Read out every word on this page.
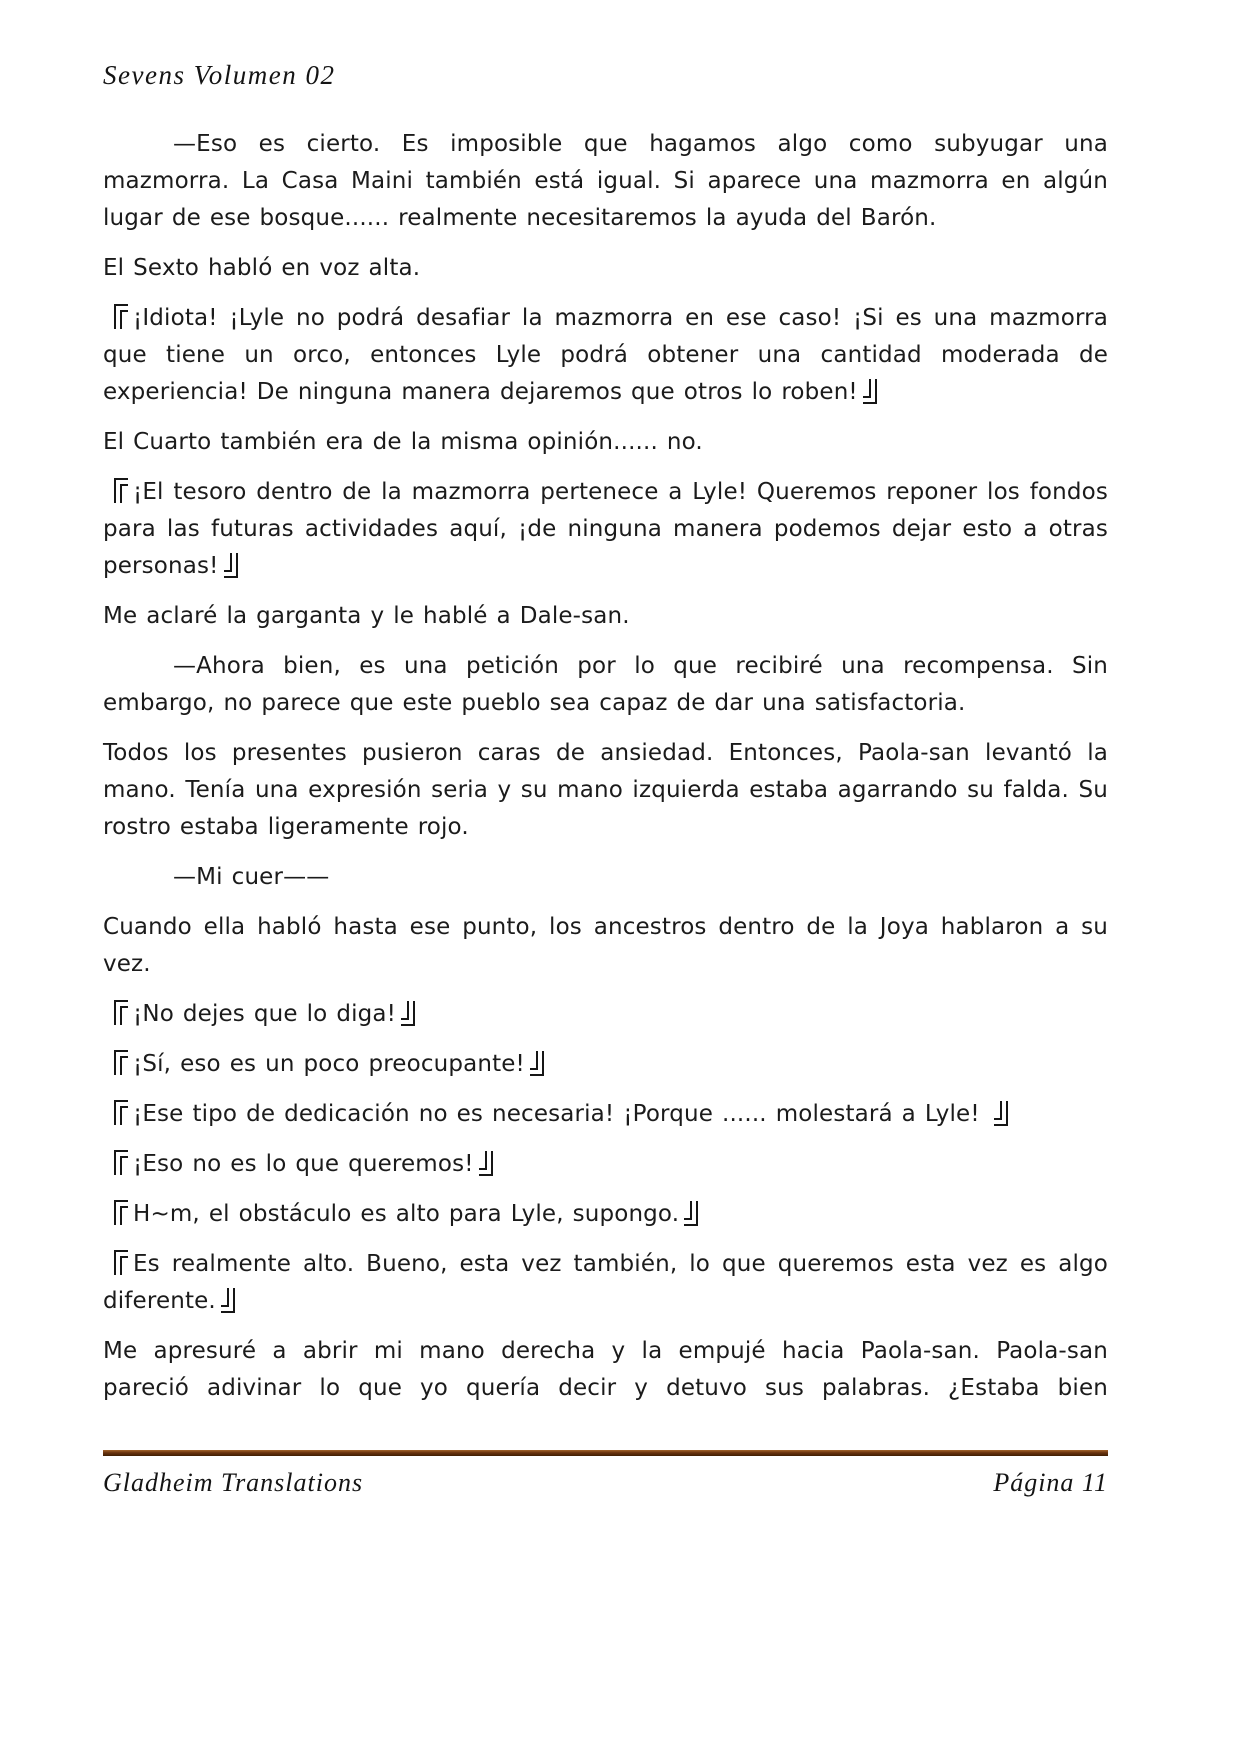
Sevens Volumen 02

—Eso es cierto. Es imposible que hagamos algo como subyugar una mazmorra. La Casa Maini también está igual. Si aparece una mazmorra en algún lugar de ese bosque...... realmente necesitaremos la ayuda del Barón.

El Sexto habló en voz alta.

¡Idiota! ¡Lyle no podrá desafiar la mazmorra en ese caso! ¡Si es una mazmorra que tiene un orco, entonces Lyle podrá obtener una cantidad moderada de experiencia! De ninguna manera dejaremos que otros lo roben!

El Cuarto también era de la misma opinión...... no.

¡El tesoro dentro de la mazmorra pertenece a Lyle! Queremos reponer los fondos para las futuras actividades aquí, ¡de ninguna manera podemos dejar esto a otras personas!

Me aclaré la garganta y le hablé a Dale-san.

—Ahora bien, es una petición por lo que recibiré una recompensa. Sin embargo, no parece que este pueblo sea capaz de dar una satisfactoria.

Todos los presentes pusieron caras de ansiedad. Entonces, Paola-san levantó la mano. Tenía una expresión seria y su mano izquierda estaba agarrando su falda. Su rostro estaba ligeramente rojo.

—Mi cuer——

Cuando ella habló hasta ese punto, los ancestros dentro de la Joya hablaron a su vez.

¡No dejes que lo diga!

¡Sí, eso es un poco preocupante!

¡Ese tipo de dedicación no es necesaria! ¡Porque ...... molestará a Lyle!

¡Eso no es lo que queremos!

H~m, el obstáculo es alto para Lyle, supongo.

Es realmente alto. Bueno, esta vez también, lo que queremos esta vez es algo diferente.

Me apresuré a abrir mi mano derecha y la empujé hacia Paola-san. Paola-san pareció adivinar lo que yo quería decir y detuvo sus palabras. ¿Estaba bien

Gladheim Translations	Página 11
